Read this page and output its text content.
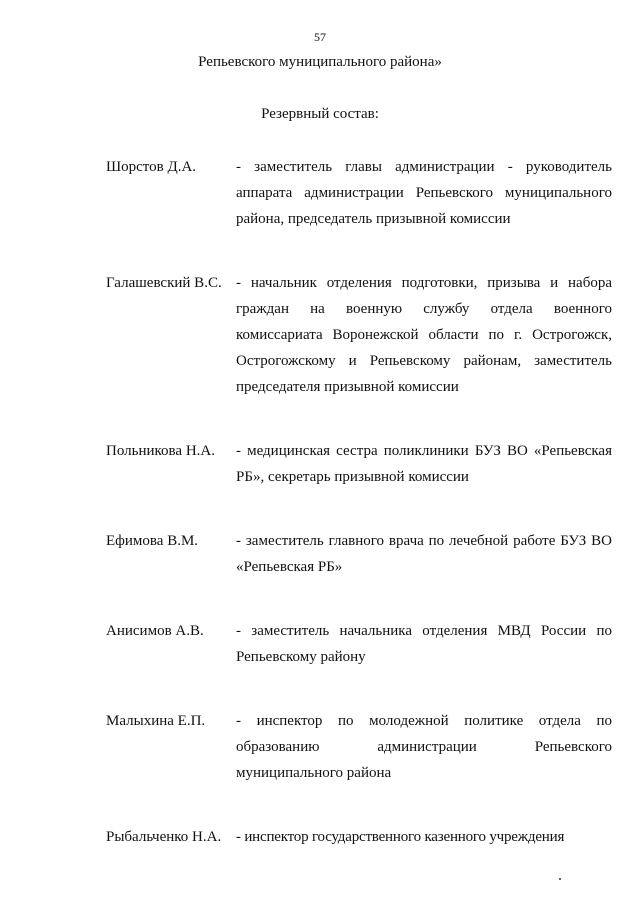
57
Репьевского муниципального района»
Резервный состав:
Шорстов Д.А.	- заместитель главы администрации - руководитель аппарата администрации Репьевского муниципального района, председатель призывной комиссии
Галашевский В.С. - начальник отделения подготовки, призыва и набора граждан на военную службу отдела военного комиссариата Воронежской области по г. Острогожск, Острогожскому и Репьевскому районам, заместитель председателя призывной комиссии
Польникова Н.А.	- медицинская сестра поликлиники БУЗ ВО «Репьевская РБ», секретарь призывной комиссии
Ефимова В.М.	- заместитель главного врача по лечебной работе БУЗ ВО «Репьевская РБ»
Анисимов А.В.	- заместитель начальника отделения МВД России по Репьевскому району
Малыхина Е.П.	- инспектор по молодежной политике отдела по образованию администрации Репьевского муниципального района
Рыбальченко Н.А. - инспектор государственного казенного учреждения
